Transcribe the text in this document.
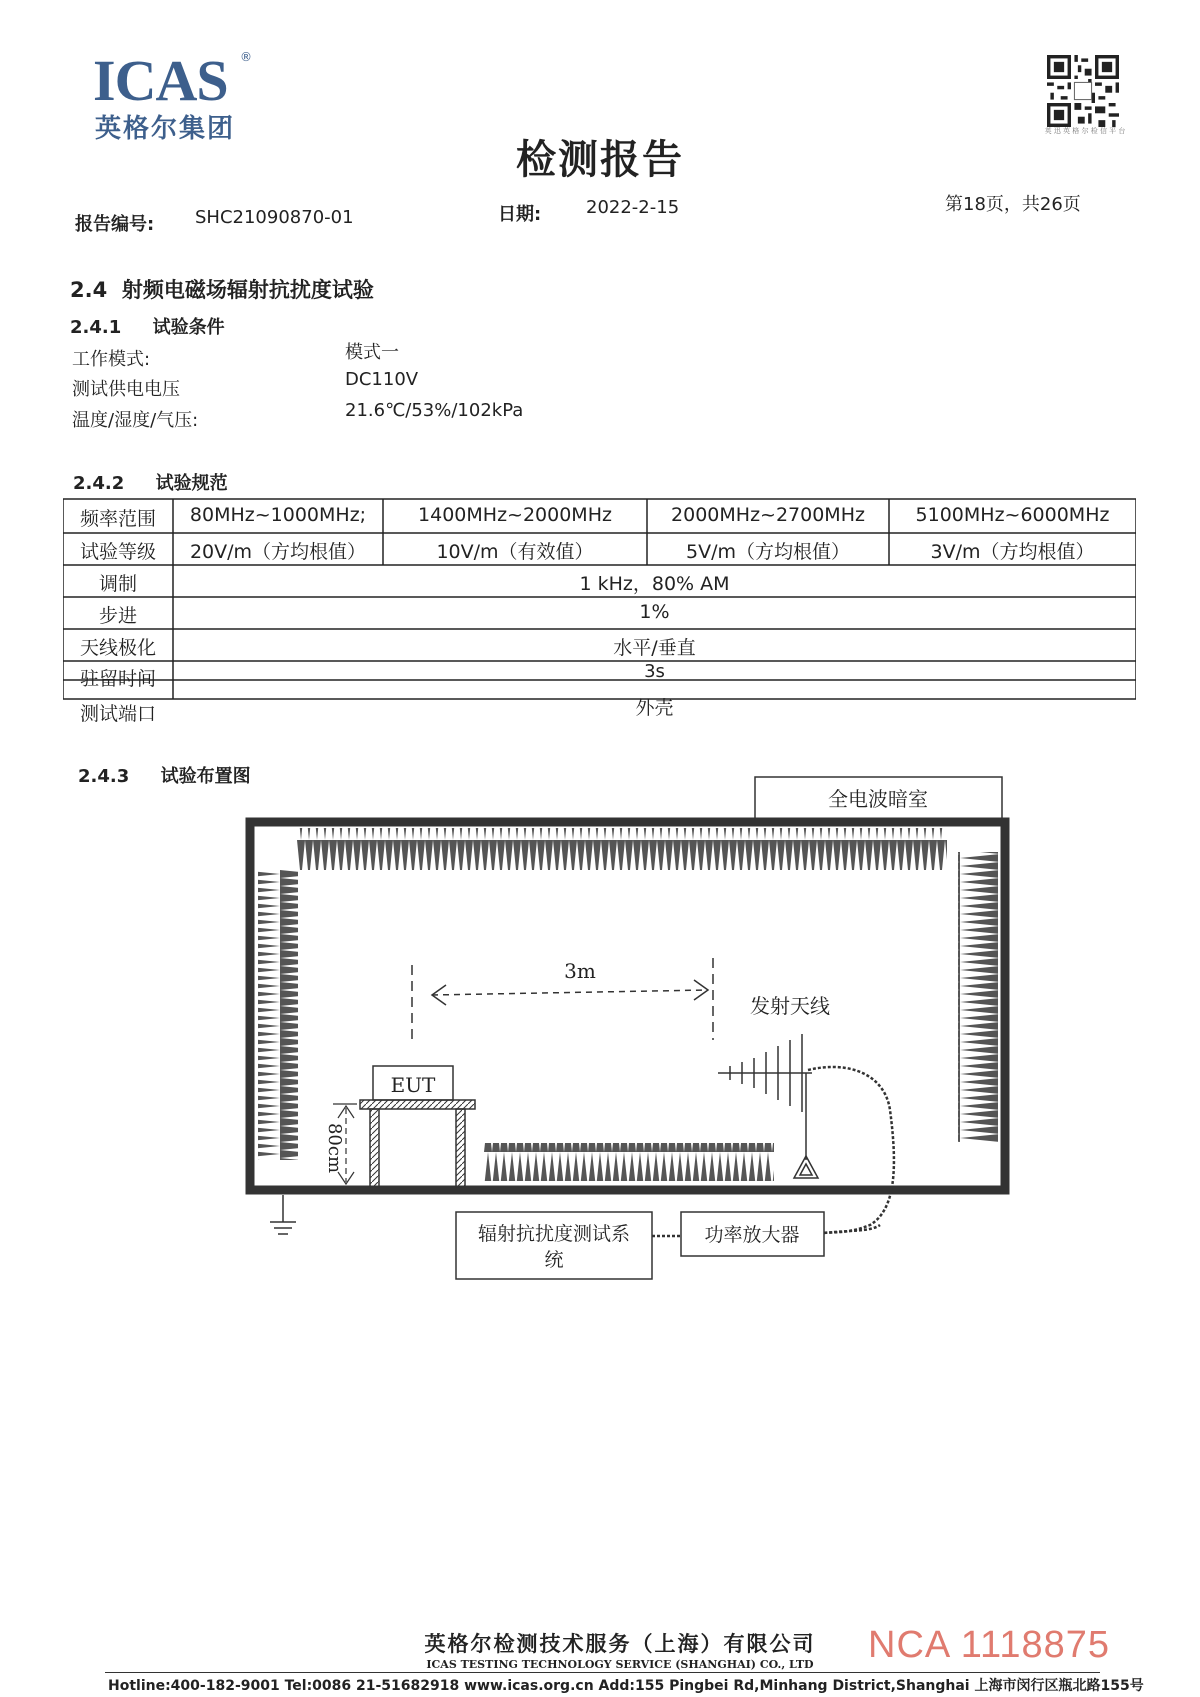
ICAS ®
英格尔集团	英 迅 英 格 尔 检 信 平 台
检测报告
报告编号: SHC21090870-01	日期: 2022-2-15	第18页，共26页
2.4 射频电磁场辐射抗扰度试验
2.4.1 试验条件
工作模式:	模式一
测试供电电压	DC110V
温度/湿度/气压:	21.6℃/53%/102kPa
2.4.2 试验规范
频率范围	80MHz~1000MHz;	1400MHz~2000MHz	2000MHz~2700MHz	5100MHz~6000MHz
试验等级	20V/m（方均根值）	10V/m（有效值）	5V/m（方均根值）	3V/m（方均根值）
调制	1 kHz，80% AM
步进	1%
天线极化	水平/垂直
驻留时间	3s
测试端口	外壳
2.4.3 试验布置图
全电波暗室
3m
发射天线
EUT
80cm
辐射抗扰度测试系
统
功率放大器
英格尔检测技术服务（上海）有限公司
ICAS TESTING TECHNOLOGY SERVICE (SHANGHAI) CO., LTD
Hotline:400-182-9001 Tel:0086 21-51682918 www.icas.org.cn Add:155 Pingbei Rd,Minhang District,Shanghai 上海市闵行区瓶北路155号
NCA 1118875
